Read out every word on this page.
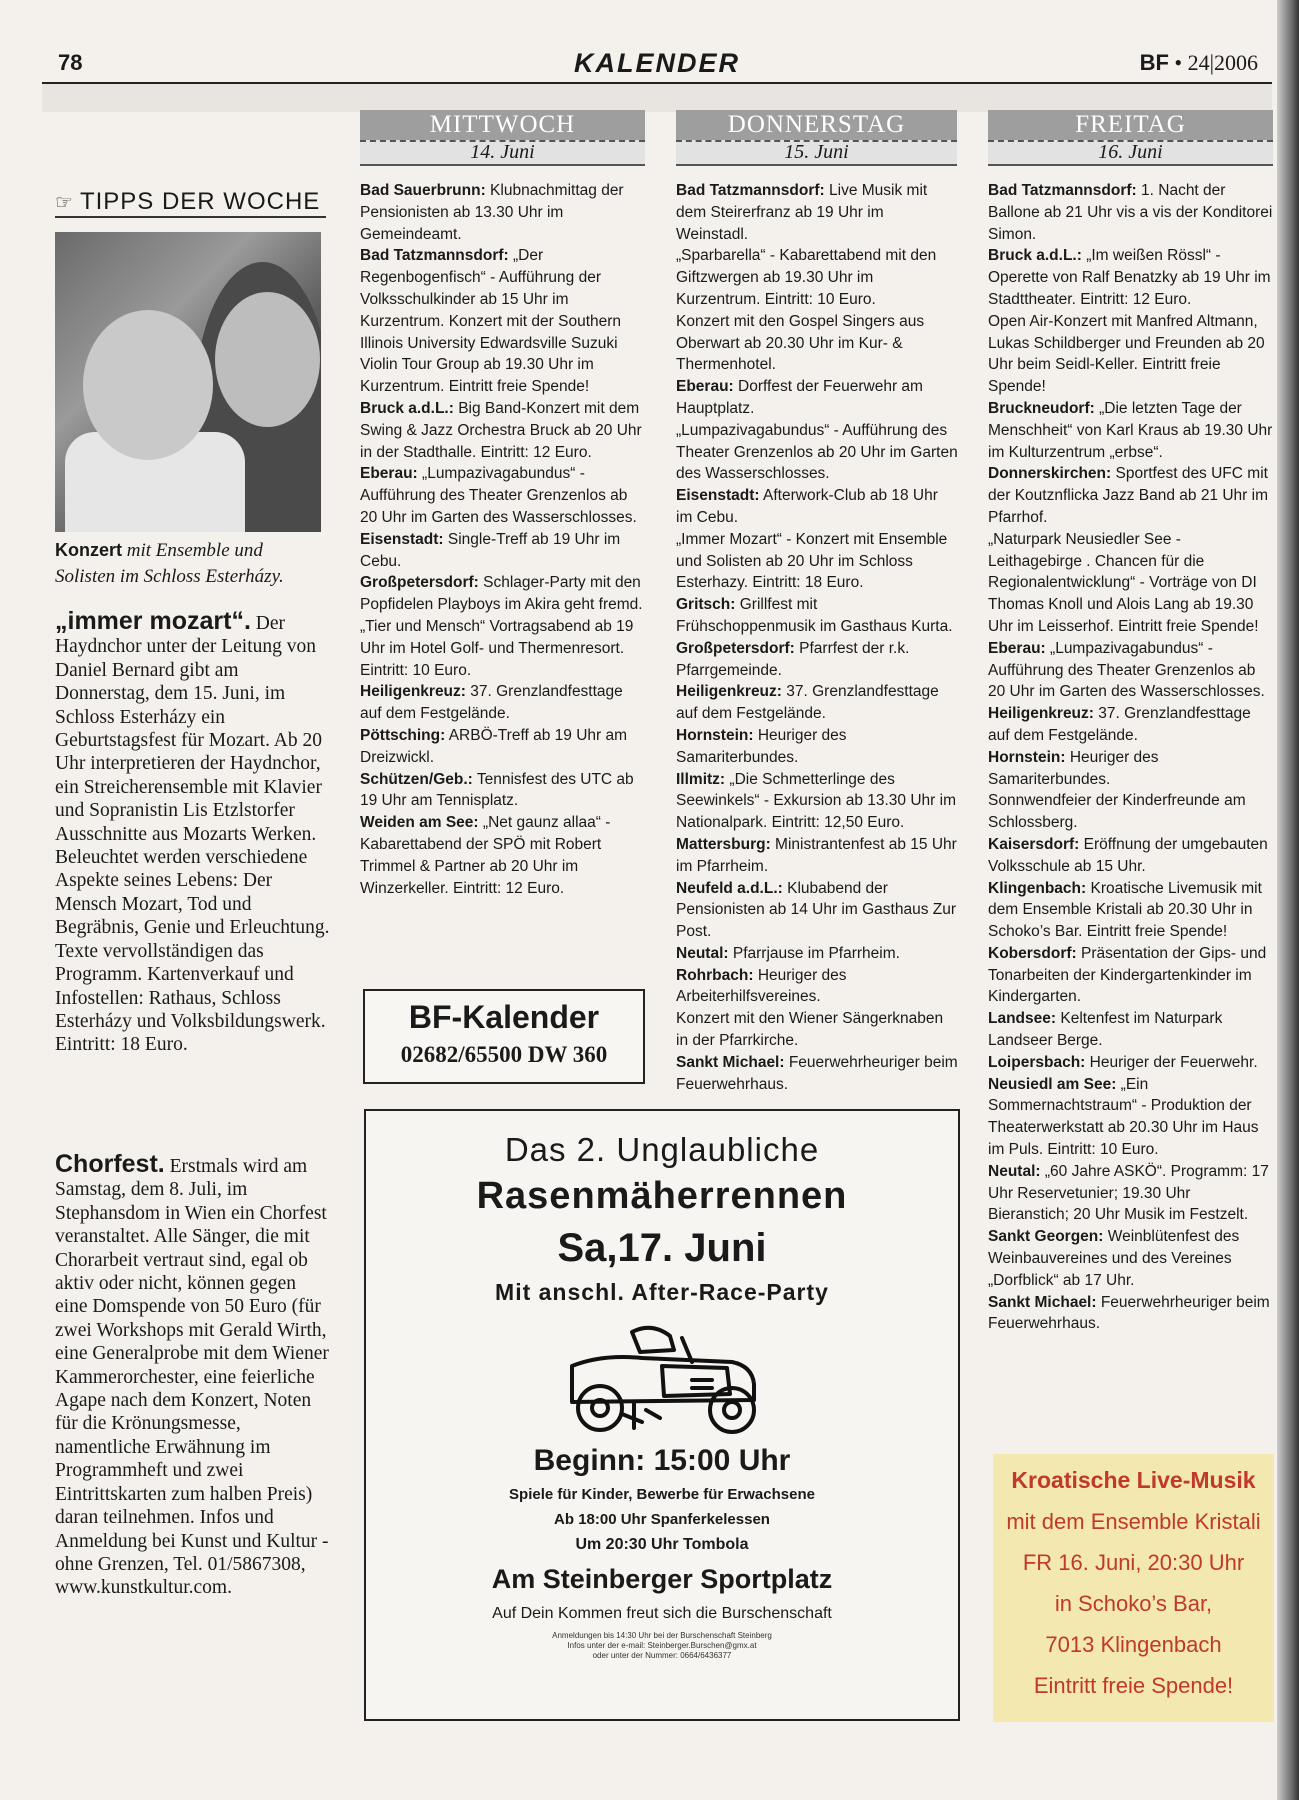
78	KALENDER	BF • 24|2006
☞ TIPPS DER WOCHE
Konzert mit Ensemble und Solisten im Schloss Esterházy.
„immer mozart“. Der Haydnchor unter der Leitung von Daniel Bernard gibt am Donnerstag, dem 15. Juni, im Schloss Esterházy ein Geburtstagsfest für Mozart. Ab 20 Uhr interpretieren der Haydnchor, ein Streicherensemble mit Klavier und Sopranistin Lis Etzlstorfer Ausschnitte aus Mozarts Werken. Beleuchtet werden verschiedene Aspekte seines Lebens: Der Mensch Mozart, Tod und Begräbnis, Genie und Erleuchtung. Texte vervollständigen das Programm. Kartenverkauf und Infostellen: Rathaus, Schloss Esterházy und Volksbildungswerk. Eintritt: 18 Euro.
Chorfest. Erstmals wird am Samstag, dem 8. Juli, im Stephansdom in Wien ein Chorfest veranstaltet. Alle Sänger, die mit Chorarbeit vertraut sind, egal ob aktiv oder nicht, können gegen eine Domspende von 50 Euro (für zwei Workshops mit Gerald Wirth, eine Generalprobe mit dem Wiener Kammerorchester, eine feierliche Agape nach dem Konzert, Noten für die Krönungsmesse, namentliche Erwähnung im Programmheft und zwei Eintrittskarten zum halben Preis) daran teilnehmen. Infos und Anmeldung bei Kunst und Kultur - ohne Grenzen, Tel. 01/5867308, www.kunstkultur.com.
MITTWOCH
14. Juni
DONNERSTAG
15. Juni
FREITAG
16. Juni

Bad Sauerbrunn: Klubnachmittag der Pensionisten ab 13.30 Uhr im Gemeindeamt.

Bad Tatzmannsdorf: „Der Regenbogenfisch“ - Aufführung der Volksschulkinder ab 15 Uhr im Kurzentrum. Konzert mit der Southern Illinois University Edwardsville Suzuki Violin Tour Group ab 19.30 Uhr im Kurzentrum. Eintritt freie Spende!

Bruck a.d.L.: Big Band-Konzert mit dem Swing & Jazz Orchestra Bruck ab 20 Uhr in der Stadthalle. Eintritt: 12 Euro.

Eberau: „Lumpazivagabundus“ - Aufführung des Theater Grenzenlos ab 20 Uhr im Garten des Wasserschlosses.

Eisenstadt: Single-Treff ab 19 Uhr im Cebu.

Großpetersdorf: Schlager-Party mit den Popfidelen Playboys im Akira geht fremd.

„Tier und Mensch“ Vortragsabend ab 19 Uhr im Hotel Golf- und Thermenresort. Eintritt: 10 Euro.

Heiligenkreuz: 37. Grenzlandfesttage auf dem Festgelände.

Pöttsching: ARBÖ-Treff ab 19 Uhr am Dreizwickl.

Schützen/Geb.: Tennisfest des UTC ab 19 Uhr am Tennisplatz.

Weiden am See: „Net gaunz allaa“ - Kabarettabend der SPÖ mit Robert Trimmel & Partner ab 20 Uhr im Winzerkeller. Eintritt: 12 Euro.

Bad Tatzmannsdorf: Live Musik mit dem Steirerfranz ab 19 Uhr im Weinstadl.

„Sparbarella“ - Kabarettabend mit den Giftzwergen ab 19.30 Uhr im Kurzentrum. Eintritt: 10 Euro.

Konzert mit den Gospel Singers aus Oberwart ab 20.30 Uhr im Kur- & Thermenhotel.

Eberau: Dorffest der Feuerwehr am Hauptplatz.

„Lumpazivagabundus“ - Aufführung des Theater Grenzenlos ab 20 Uhr im Garten des Wasserschlosses.

Eisenstadt: Afterwork-Club ab 18 Uhr im Cebu.

„Immer Mozart“ - Konzert mit Ensemble und Solisten ab 20 Uhr im Schloss Esterhazy. Eintritt: 18 Euro.

Gritsch: Grillfest mit Frühschoppenmusik im Gasthaus Kurta.

Großpetersdorf: Pfarrfest der r.k. Pfarrgemeinde.

Heiligenkreuz: 37. Grenzlandfesttage auf dem Festgelände.

Hornstein: Heuriger des Samariterbundes.

Illmitz: „Die Schmetterlinge des Seewinkels“ - Exkursion ab 13.30 Uhr im Nationalpark. Eintritt: 12,50 Euro.

Mattersburg: Ministrantenfest ab 15 Uhr im Pfarrheim.

Neufeld a.d.L.: Klubabend der Pensionisten ab 14 Uhr im Gasthaus Zur Post.

Neutal: Pfarrjause im Pfarrheim.

Rohrbach: Heuriger des Arbeiterhilfsvereines.

Konzert mit den Wiener Sängerknaben in der Pfarrkirche.

Sankt Michael: Feuerwehrheuriger beim Feuerwehrhaus.

Bad Tatzmannsdorf: 1. Nacht der Ballone ab 21 Uhr vis a vis der Konditorei Simon.

Bruck a.d.L.: „Im weißen Rössl“ - Operette von Ralf Benatzky ab 19 Uhr im Stadttheater. Eintritt: 12 Euro.

Open Air-Konzert mit Manfred Altmann, Lukas Schildberger und Freunden ab 20 Uhr beim Seidl-Keller. Eintritt freie Spende!

Bruckneudorf: „Die letzten Tage der Menschheit“ von Karl Kraus ab 19.30 Uhr im Kulturzentrum „erbse“.

Donnerskirchen: Sportfest des UFC mit der Koutznflicka Jazz Band ab 21 Uhr im Pfarrhof.

„Naturpark Neusiedler See - Leithagebirge . Chancen für die Regionalentwicklung“ - Vorträge von DI Thomas Knoll und Alois Lang ab 19.30 Uhr im Leisserhof. Eintritt freie Spende!

Eberau: „Lumpazivagabundus“ - Aufführung des Theater Grenzenlos ab 20 Uhr im Garten des Wasserschlosses.

Heiligenkreuz: 37. Grenzlandfesttage auf dem Festgelände.

Hornstein: Heuriger des Samariterbundes.

Sonnwendfeier der Kinderfreunde am Schlossberg.

Kaisersdorf: Eröffnung der umgebauten Volksschule ab 15 Uhr.

Klingenbach: Kroatische Livemusik mit dem Ensemble Kristali ab 20.30 Uhr in Schoko’s Bar. Eintritt freie Spende!

Kobersdorf: Präsentation der Gips- und Tonarbeiten der Kindergartenkinder im Kindergarten.

Landsee: Keltenfest im Naturpark Landseer Berge.

Loipersbach: Heuriger der Feuerwehr.

Neusiedl am See: „Ein Sommernachtstraum“ - Produktion der Theaterwerkstatt ab 20.30 Uhr im Haus im Puls. Eintritt: 10 Euro.

Neutal: „60 Jahre ASKÖ“. Programm: 17 Uhr Reservetunier; 19.30 Uhr Bieranstich; 20 Uhr Musik im Festzelt.

Sankt Georgen: Weinblütenfest des Weinbauvereines und des Vereines „Dorfblick“ ab 17 Uhr.

Sankt Michael: Feuerwehrheuriger beim Feuerwehrhaus.

BF-Kalender
02682/65500 DW 360
Das 2. Unglaubliche
Rasenmäherrennen
Sa,17. Juni
Mit anschl. After-Race-Party
Beginn: 15:00 Uhr
Spiele für Kinder, Bewerbe für Erwachsene
Ab 18:00 Uhr Spanferkelessen
Um 20:30 Uhr Tombola
Am Steinberger Sportplatz
Auf Dein Kommen freut sich die Burschenschaft
Anmeldungen bis 14:30 Uhr bei der Burschenschaft Steinberg
Infos unter der e-mail: Steinberger.Burschen@gmx.at
oder unter der Nummer: 0664/6436377
Kroatische Live-Musik
mit dem Ensemble Kristali
FR 16. Juni, 20:30 Uhr
in Schoko’s Bar,
7013 Klingenbach
Eintritt freie Spende!
